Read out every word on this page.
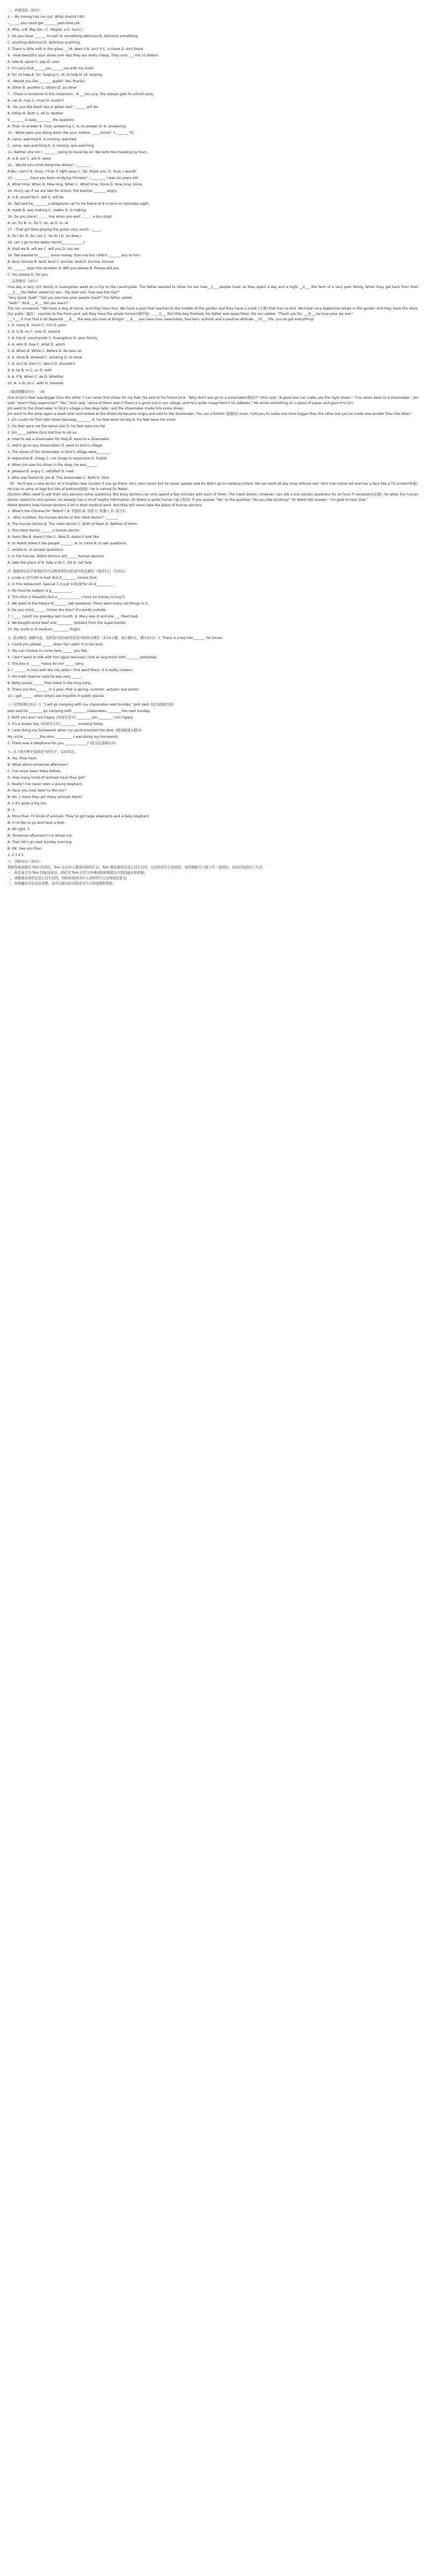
二、单项选择（20分）
1. – My money has run out. What should I do?
–______ you could get _______ part-time job.
A. Why; a B. May be; / C. Maybe; a D. Sure; /
2. Do you have _______ to eat? A. something delicious B. delicious something
C. anything delicious D. delicious anything
3. There is little milk in the glass. __?A. does it B. isn't it C. is there D. isn't there
4. –How beautiful your shoes are!–But they are really cheap. They only ___ me 10 dollars.
A. take B. spent C. pay D. cost
5. It's very kind_______you_______me with my math.
A. for, to help B. for, helping C. of, to help D. of, helping
6. –Would you like _______ apple? –No, thanks.
A. Other B. another C. others D. an other
7. –There is someone in the classroom. –It ___be Lucy. She always gets to school early.
A. can B. may C. must D. mustn't
8. –Do you like black tea or green tea? –______ will do.
A. Either B. Both C. All D. Neither
9. _______ is easy_________ the question.
A. That, to answer B. That, answering C. It, to answer D. It, answering
10. –What were you doing when the your mother _____home? –I _______ TV.
A. came, watched B. is coming, watched
C. came, was watching D. is coming, was watching
11. Neither she nor I ________ going to travel by air. We both like traveling by train.
A. is B. am C. are D. were
12. –Would you mind doing the dishes? –________.
A.No, I won't B. Sorry, I'll do it right away C. Ok, thank you. D. Sure, I would!
13. –________ have you been studying Chinese? –_________ I was six years old.
A. What time, When B. How long, When C. What time, Since D. How long, Since
14. Hurry up! If we are late for school, the teacher _______ angry.
A. is B. would be C. will D. will be
15. Ted said he_________a telephone call to his friend at 8 o'clock on Saturday night.
A. made B. was making C. makes D. is making
16. Do you stand ＿＿＿ line when you wait ＿＿＿ a bus stop?
A. on, for B. in, for C. on, at D. in, at
17. –That girl likes playing the guitar very much. –_____.
A. So I do. B. So I am C. So do I D. So does I
18. Let' s go to the Water World_____________?
A. shall we B. will we C. will you D. can we
19. Ted wanted to_______ some money from me but I didn't _______ any to him.
A. lend, borrow B. lend, lend C. borrow, lend D. borrow, borrow
20. _______ open the window? A. Will you please B. Please will you
C. You please D. Do you
二.完形填空（10分）
One day a very rich family in Guangzhou went on a trip to the countryside. The father wanted to show his son how__1___ people lived, so they spent a day and a night __2___ the farm of a very poor family. When they got back from their ___3___ the father asked his son, "My dear son, how was the trip?"
"Very good, Dad!" "Did you see how poor people lived?" the father asked.
"Yeah!" "And ___4___ did you learn?"
The son answered, "We have a dog at home, and they have four. We have a pool that reaches to the middle of the garden and they have a creek (小溪) that has no end. We have very expensive lamps in the garden and they have the stars. Our patio（露台） reaches to the front yard, yet they have the whole horizon(地平线）. ___5___ the little boy finished, his father was speechless. His son added, "Thank you for ___6___me how poor we are!"
___7___ it true that it all depends ___8___ the way you look at things? ___9___ you have love classmates, teachers, schools and a positive attitude __10___ life, you've got everything!
1. A. many B. much C. rich D. poor
2. A. in B. on C. over D. around
3. A. trip B. countryside C. Guangzhou D. poor family
4. A. who B. how C. what D. which
5. A. When B. While C. Before D. As soon as
6. A. show B. showed C. showing D. to show
7. A. Isn't B. Don't C. Won't D. Shouldn't
8. A. by B. in C. on D. with
9. A. If B. When C. As D. Whether
10. A. in B. on C. with D. towards
三阅读理解(20分） （A）
One of Jim's feet was bigger than the other."I can never find shoes for my feet,"he said to his friend Dick. "Why don't you go to a shoemaker(鞋匠)?" Dick said. "A good one can make you the right shoes." "I've never been to a shoemaker," Jim said. "Aren't they expensive?" "No," Dick said, "some of them aren't.There is a good one in our village, and he's quite cheap.Here's his address." He wrote something on a piece of paper and gave it to Jim.
Jim went to the shoemaker in Dick's village a few days later, and the shoemaker made him some shoes.
Jim went to the shop again a week later and looked at the shoes.He became angry and said to the shoemaker,"You are a foolish (愚蠢的) man! I told you to make one shoe bigger than the other,but you've made one smaller than the other."
1. Jim could not find right shoes because________. A. his feet were too big B. his feet were too small
C. his feet were not the same size D. his feet were too fat
2. Jim______before Dick told him to do so.
A. tried to ask a shoemaker for help B. went to a shoemaker
C. didn't go to any shoemakers D. went to Dick's village
3. The shoes of the shoemaker in Dick's village were________.
A. expensive B. cheap C. not cheap or expensive D. foolish
4. When Jim saw his shoes in the shop, he was______.
A. pleased B. angry C. satisfied D. mad
5. Who was foolish?A. Jim B. The shoemaker C. Both D. Dick
（B）You'll see a new doctor at a hospital near London if you go there. He's very clever but he never speaks and he didn't go to medical school. He can work all day long without rest. He's one metre tall and has a face like a TV screen(屏幕). He has no arms or legs but lots of buttons(按钮). He is named Dr Robot.
Doctors often need to ask their sick persons some questions. But busy doctors can only spend a few minutes with each of them. The robot doctor, however, can ask a sick person questions for an hour if necessary(必要). So when the human doctor meets his sick person, he already has a lot of helpful information. Dr Robot is quite human (通人性的). If you answer "No" to the question "Do you like smoking?" Dr Robot will answer: "I'm glad to hear that."
Robot doctors help human doctors a lot in their medical work. But they will never take the place of human doctors.
1. What's the Chinese for "Robot"? A. 智能的 B. 医院 C. 机器人 D. 孩子们
2. –Who is better, the human doctor or the robot doctor? –_______
A. The human doctor B. The robot doctor C. Both of them D. Neither of them
3. The robot doctor ______ a human doctor.
A. looks like B. doesn't like C. likes D. doesn't look like
4. Dr Robot doesn't like people _______. A. to come B. to ask questions
C. smoke D. to answer questions
5. In the futures. Robot doctors will______ human doctors.
A. take the place of B. help a lot C. kill D. not help
四. 根据所给首字母或括号内汉语或所给词的适当形式填空（每空1分，共10分）
1. Linda is 长[生病] in bed. But it_________ knows that.
2. In this restaurant, Special 1 is just 10块钱 for 20 d__________.
3. My favorite subject is g____________.
4. This shirt is beautiful but e_____________. I have no money to buy it.
5. We went to the Palace M________ last weekend. There were many old things in it.
6. Do you mind_______ (close) the door? It's windy outside.
7. I_____ (visit) my grandpa last month. 8. Mary was ill and she ___ (feel) bad.
9. We bought some beef and _________ (potato) from the supermarket.
10. My uncle is of medium _________ (high).
五. 选词填空: 根据句意，选择适当的词并用其适当的形式填空（共10小题，每小题1分，满分10分）1. There is a big tree_______ his house.
2. Could you please ______ down the radio? It is too loud.
3. You can choose to come here ______ you like.
4. I don't want to talk with him again because I had an argument with _______ yesterday.
5. The box is ______ heavy for her _____ carry.
6. I _______ in love with the city when I first went there. It is really modern.
7. His math teacher said he was very ______.
8. Betty jumps ______ than Katie in the long jump.
9. There are four_______ in a year, that is spring, summer, autumn and winter
10. I get ______ when others are impolite in public places.
六. 句型转换(10分）1. "I will go camping with my classmates next Sunday." Jack said. (改为间接引语)
Jack said he ________ go camping with ________ classmates ________ the next Sunday.
2. Both you and I are happy. (改成否定句) ________ you ________ I am happy.
3. It's a snowy day. (改成同义句)__________ snowing today.
4. I was doing my homework when my uncle knocked the door. (就划线部分提问)
My uncle _________ the door __________ I was doing my homework.
5. There was a telephone for you. ______ ______? (改为反意疑问句)
七. 从下面方框中选择适当的句子，完成对话。
A. Yes, they have.
B. What about tomorrow afternoon?
C. I've never been there before.
D. How many kinds of animals have they got?
E. Really? I've never seen a young elephant.
A: Have you ever been to the zoo?
B: No. 1 Have they got many animals there?
A: 2 It's quite a big zoo.
B: 3
A: More than 70 kinds of animals. They've got large elephants and a baby elephant.
B: 4 I'd like to go and have a look.
A: All right. 5
B: Tomorrow afternoon? I'm afraid not.
A: Then let's go next Sunday morning.
B: OK. See you then.
1. 2 3 4 5
八．书面表达（20分）
假如你收到朋友 Tom 的来信，Tom 在信中主要询问你的生日。Tom 想知道你是怎么过生日的，以及你对生日的看法。请你根据以下提示写一封回信，内容应包括以下几点：
一、你是某月为 Tom 回复这封信，同时为 Tom 在学习中遇到的困难提出合适的建议和祝福；
二、请描述去年你是怎么过生日的，同时你觉得为什么这样的生日过得很有意义；
三、如果确实无法表达清楚，也可以提出你对将来过生日的设想和希望。
